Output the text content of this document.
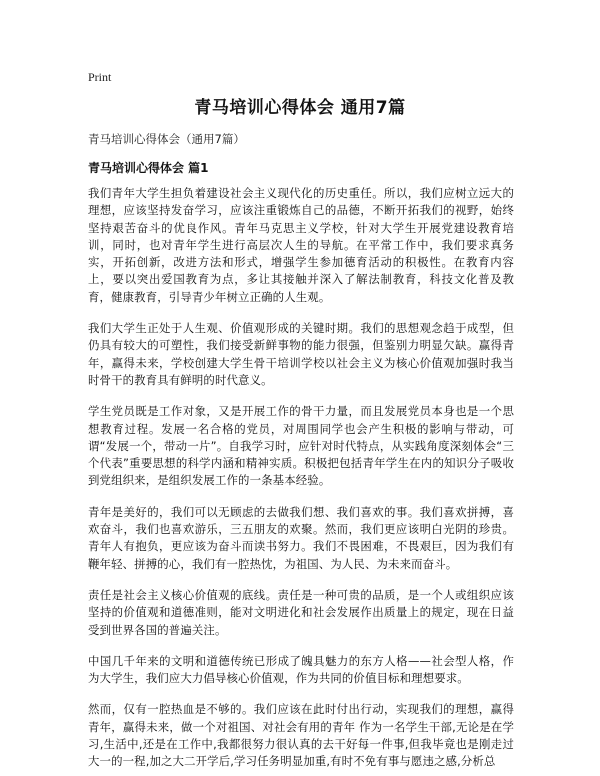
Print
青马培训心得体会 通用7篇
青马培训心得体会（通用7篇）
青马培训心得体会 篇1

我们青年大学生担负着建设社会主义现代化的历史重任。所以，我们应树立远大的理想，应该坚持发奋学习，应该注重锻炼自己的品德，不断开拓我们的视野，始终坚持艰苦奋斗的优良作风。青年马克思主义学校，针对大学生开展党建设教育培训，同时，也对青年学生进行高层次人生的导航。在平常工作中，我们要求真务实，开拓创新，改进方法和形式，增强学生参加德育活动的积极性。在教育内容上，要以突出爱国教育为点，多让其接触并深入了解法制教育，科技文化普及教育，健康教育，引导青少年树立正确的人生观。

我们大学生正处于人生观、价值观形成的关键时期。我们的思想观念趋于成型，但仍具有较大的可塑性，我们接受新鲜事物的能力很强，但鉴别力明显欠缺。赢得青年，赢得未来，学校创建大学生骨干培训学校以社会主义为核心价值观加强时我当时骨干的教育具有鲜明的时代意义。

学生党员既是工作对象，又是开展工作的骨干力量，而且发展党员本身也是一个思想教育过程。发展一名合格的党员，对周围同学也会产生积极的影响与带动，可谓“发展一个，带动一片”。自我学习时，应针对时代特点，从实践角度深刻体会“三个代表”重要思想的科学内涵和精神实质。积极把包括青年学生在内的知识分子吸收到党组织来，是组织发展工作的一条基本经验。

青年是美好的，我们可以无顾虑的去做我们想、我们喜欢的事。我们喜欢拼搏，喜欢奋斗，我们也喜欢游乐，三五朋友的欢聚。然而，我们更应该明白光阴的珍贵。青年人有抱负，更应该为奋斗而读书努力。我们不畏困难，不畏艰巨，因为我们有鞭年轻、拼搏的心，我们有一腔热忱，为祖国、为人民、为未来而奋斗。

责任是社会主义核心价值观的底线。责任是一种可贵的品质，是一个人或组织应该坚持的价值观和道德准则，能对文明进化和社会发展作出质量上的规定，现在日益受到世界各国的普遍关注。

中国几千年来的文明和道德传统已形成了魄具魅力的东方人格——社会型人格，作为大学生，我们应大力倡导核心价值观，作为共同的价值目标和理想要求。

然而，仅有一腔热血是不够的。我们应该在此时付出行动，实现我们的理想，赢得青年，赢得未来，做一个对祖国、对社会有用的青年 作为一名学生干部,无论是在学习,生活中,还是在工作中,我都很努力很认真的去干好每一件事,但我毕竟也是刚走过大一的一程,加之大二开学后,学习任务明显加重,有时不免有事与愿违之感,分析总
